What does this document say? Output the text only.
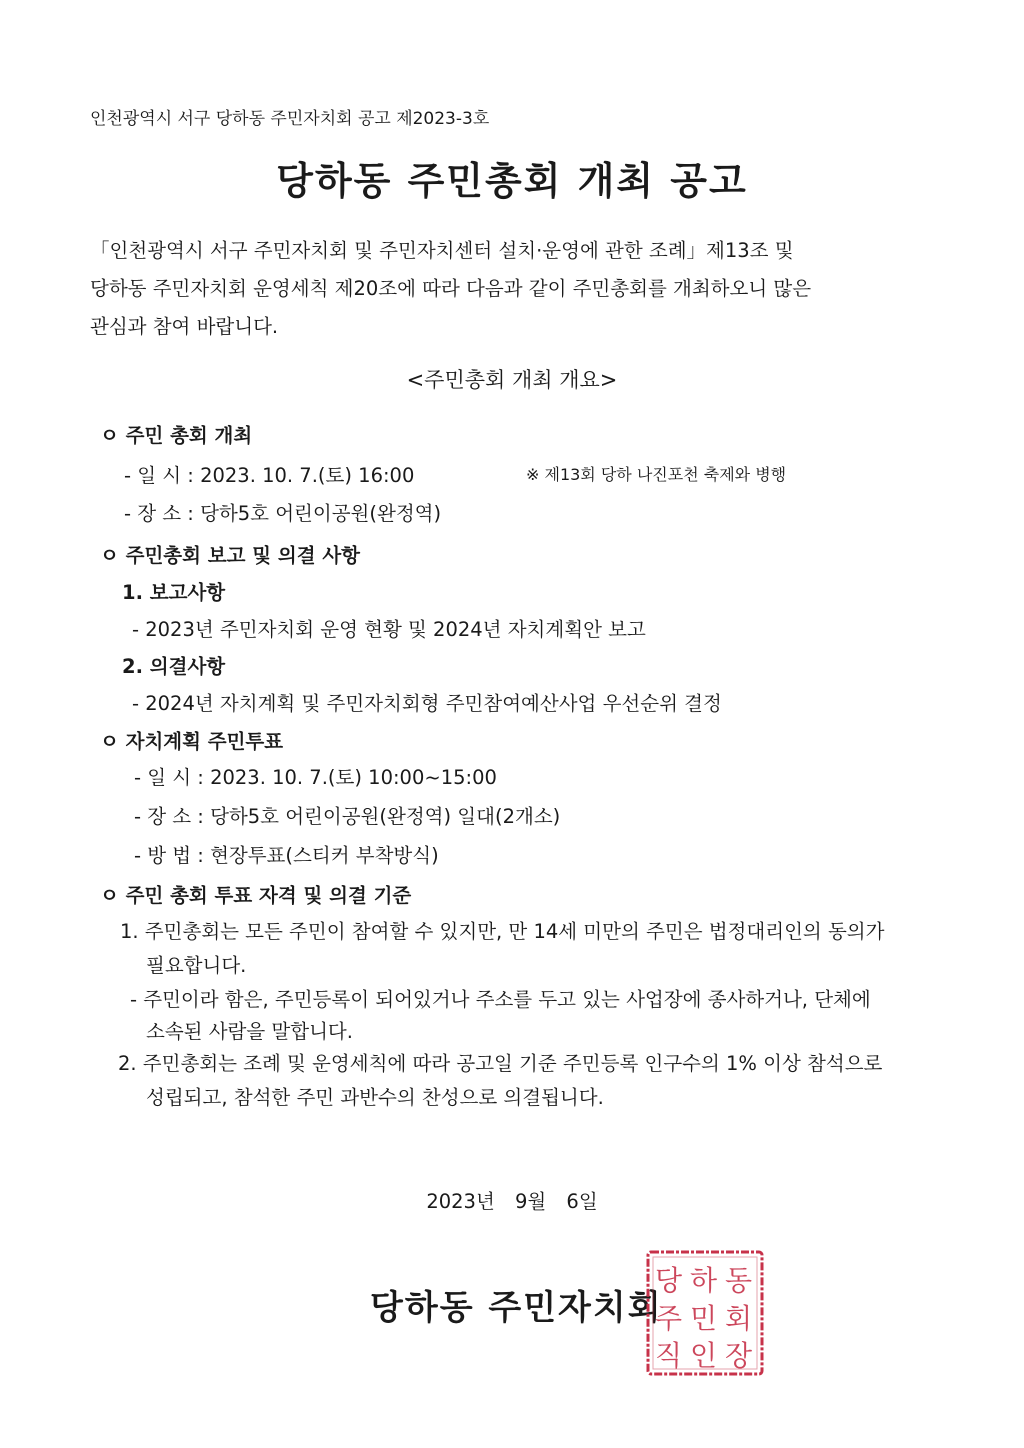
인천광역시 서구 당하동 주민자치회 공고 제2023-3호
당하동 주민총회 개최 공고
「인천광역시 서구 주민자치회 및 주민자치센터 설치·운영에 관한 조례」제13조 및
당하동 주민자치회 운영세칙 제20조에 따라 다음과 같이 주민총회를 개최하오니 많은
관심과 참여 바랍니다.
<주민총회 개최 개요>
ㅇ 주민 총회 개최
- 일 시 : 2023. 10. 7.(토) 16:00	※ 제13회 당하 나진포천 축제와 병행
- 장 소 : 당하5호 어린이공원(완정역)
ㅇ 주민총회 보고 및 의결 사항
1. 보고사항
- 2023년 주민자치회 운영 현황 및 2024년 자치계획안 보고
2. 의결사항
- 2024년 자치계획 및 주민자치회형 주민참여예산사업 우선순위 결정
ㅇ 자치계획 주민투표
- 일 시 : 2023. 10. 7.(토) 10:00~15:00
- 장 소 : 당하5호 어린이공원(완정역) 일대(2개소)
- 방 법 : 현장투표(스티커 부착방식)
ㅇ 주민 총회 투표 자격 및 의결 기준
1. 주민총회는 모든 주민이 참여할 수 있지만, 만 14세 미만의 주민은 법정대리인의 동의가
필요합니다.
- 주민이라 함은, 주민등록이 되어있거나 주소를 두고 있는 사업장에 종사하거나, 단체에
소속된 사람을 말합니다.
2. 주민총회는 조례 및 운영세칙에 따라 공고일 기준 주민등록 인구수의 1% 이상 참석으로
성립되고, 참석한 주민 과반수의 찬성으로 의결됩니다.
2023년 9월 6일
당하동 주민자치회
당 하 동
주 민 회
직 인 장
